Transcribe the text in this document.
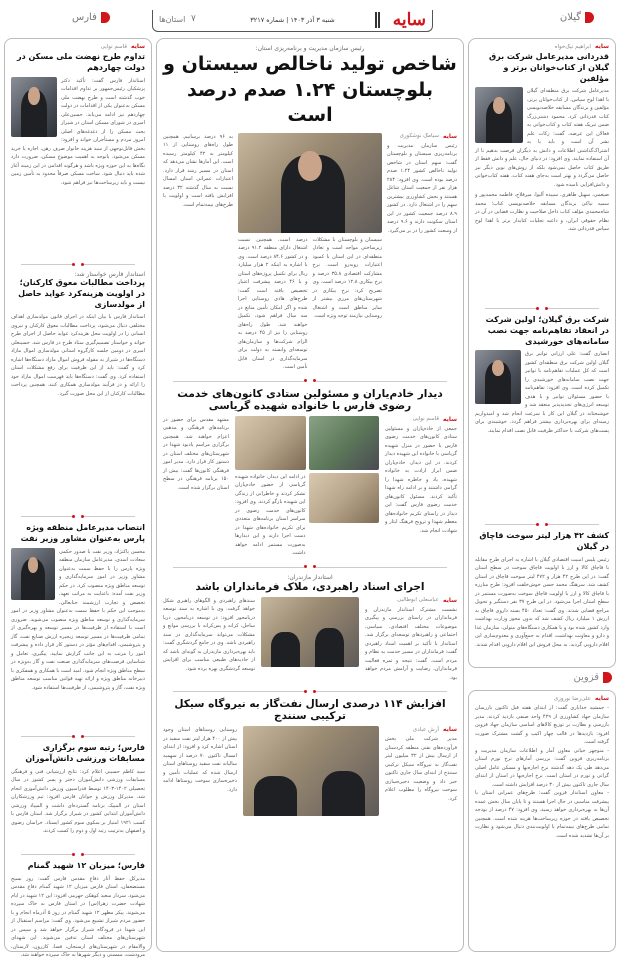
گیلان
سایه
شنبه ۳ آذر ۱۴۰۳ | شماره ۳۲۱۷
۷
استان‌ها
فارس
سایه
ابراهیم نیک‌خواه
قدردانی مدیرعامل شرکت برق گیلان از کتاب‌خوانان برتر و مؤلفین
مدیرعامل شرکت برق منطقه‌ای گیلان با اهدا لوح سپاس، از کتاب‌خوانان برتر، مؤلفین و برندگان مسابقه خلاصه‌نویسی کتاب قدردانی کرد. محمود دشتی‌زرگ ضمن تبریک هفته کتاب و کتاب‌خوانی به فعالان این عرصه، گفت: زکات علم نشر آن است و باید با به اشتراک‌گذاشتن اطلاعات و دانش به دیگران فرصت بدهیم تا از آن استفاده نمایند. وی افزود: در دنیای حال، علم و دانش فقط از طریق کتاب حاصل نمی‌شود بلکه از روش‌های نوین دیگر نیز حاصل می‌گردد و بهتر است به‌جای هفته کتاب، هفته کتاب‌خوانی و دانش‌افزایی نامیده شود.
ضیغمی، سهیل طاهری، سپیده آلیوا، میرفلاح، فاطمه محمدپور و سمیه نیاکی برندگان مسابقه خلاصه‌نویسی کتاب؛ محمد شاه‌محمدی مؤلف کتاب داخل صلاحیت و نظارت قضایی در آن در نظام حقوقی ایران، و داعیه تجلیات کتابدار برتر با اهدا لوح سپاس قدردانی شد.
شرکت برق گیلان؛ اولین شرکت در انعقاد تفاهم‌نامه جهت نصب سامانه‌های خورشیدی
انصاری گفت: علی ارزانی توانیر برق گیلان اولین شرکت برق منطقه‌ای کشور است که کل عملیات تفاهم‌نامه با توانیر جهت نصب سامانه‌های خورشیدی را تکمیل کرده است. وی افزود: تفاهم‌نامه با حضور مسئولان توانیر و با هدف توسعه انرژی‌های تجدیدپذیر منعقد شد و خوشبختانه در گیلان این کار با سرعت انجام شد و امیدواریم زمینه‌ای برای بهره‌برداری بیشتر فراهم گردد. خوشبندی برای پست‌های شرکت با حداکثر ظرفیت قابل نصب اقدام نمایند.
کشف ۴۲ هزار لیتر سوخت قاچاق در گیلان
رئیس پلیس امنیت اقتصادی گیلان با اشاره به اجرای طرح مقابله با قاچاق کالا و ارز با اولویت قاچاق سوخت در سطح استان گفت: در این طرح ۴۲ هزار و ۴۷۲ لیتر سوخت قاچاق در استان کشف شد. سرهنگ محمد حسن خوش‌خلقت افزود: طرح مبارزه با قاچاق کالا و ارز با اولویت قاچاق سوخت به‌صورت مستمر در سطح استان اجرا می‌شود. در این طرح ۳۷ نفر دستگیر و تحویل مراجع قضایی شدند. وی گفت: تعداد ۴۵۰ بسته داروی قاچاق به ارزش ۱ میلیارد ریال کشف شد که بدون مجوز وزارت بهداشت وارد کشور شده بود و با همکاری دستگاه‌های متولی، سازمان غذا و دارو و معاونت بهداشت، اقدام به جمع‌آوری و معدوم‌سازی این اقلام دارویی گردید. به محل فروش این اقلام دارویی اقدام شدند.
قزوین
سایه
علی‌رضا نوروزی
- جمشید خدایاری گفت: از ابتدای هفته قبل تاکنون بازرسان سازمان جهاد کشاورزی از ۴۲۹ واحد صنفی بازدید کردند. مدیر بازرسی و نظارت بر توزیع کالاهای اساسی سازمان جهاد قزوین افزود: بازدیدها در قالب چهار اکیپ و گشت مشترک صورت گرفته است.
- منوچهر حیاتی معاون آمار و اطلاعات سازمان مدیریت و برنامه‌ریزی قزوین گفت: بررسی آمارهای نرخ تورم استان می‌دهد طی یک دهه گذشته نرخ اجاره‌بها و مسکن عامل اصلی گرانی و تورم در استان است. نرخ اجاره‌بها در استان از ابتدای سال جاری تاکنون بیش از ۳۰ درصد افزایش داشته است.
- معاون استاندار قزوین گفت: طرح‌های عمرانی استان با پیشرفت مناسبی در حال اجرا هستند و تا پایان سال بخش عمده آن‌ها به بهره‌برداری خواهد رسید. وی افزود: ۴۷ درصد از بودجه تخصیص یافته در حوزه زیرساخت‌ها هزینه شده است. همچنین تمامی طرح‌های نیمه‌تمام با اولویت‌بندی دنبال می‌شود و نظارت بر آن‌ها تشدید شده است.
رئیس سازمان مدیریت و برنامه‌ریزی استان:
شاخص تولید ناخالص سیستان و بلوچستان ۱.۲۴ صدم درصد است
سایه
سیامک نوشکوری
رئیس سازمان مدیریت و برنامه‌ریزی سیستان و بلوچستان گفت: سهم استان در شاخص تولید ناخالص کشور ۱.۲۴ صدم درصد بوده است. وی افزود: ۲۸۴ هزار نفر از جمعیت استان شاغل هستند و بخش کشاورزی بیشترین سهم را در اشتغال دارد. در کشور ۸.۹ درصد جمعیت کشور در این استان سکونت دارند و ۹.۶ درصد از وسعت کشور را در بر می‌گیرد.
سیستان و بلوچستان با مشکلات زیرساختی مواجه است و تعادل منطقه‌ای در این استان با کمبود اعتبارات روبه‌رو است. نرخ مشارکت اقتصادی ۳۵.۸ درصد و نرخ بیکاری ۱۲.۸ درصد است. وی تصریح کرد: نرخ بیکاری در شهرستان‌های مرزی بیشتر از سایر مناطق است و اشتغال روستایی نیازمند توجه ویژه است.
درصد است. همچنین نسبت اشتغال دارای منطقه ۹۱.۲ درصد و در کشور ۸۴.۶ درصد است. وی با اشاره به اینکه ۲ هزار میلیارد ریال برای تکمیل پروژه‌های استان و با ۴۶ درصد پیشرفت اعتبار تخصیص یافته است گفت: طرح‌های هادی روستایی اجرا شده و اگر امکان تأمین منابع در سه سال فراهم شود، تکمیل خواهند شد. طول راه‌های روستایی را نیز از ۴۵ درصد به الزام شرکت‌ها و سازمان‌های توسعه‌ای وابسته به دولت برای سرمایه‌گذاری در استان قابل تأمین است.
به ۹۶ درصد برسانیم. همچنین طول راه‌های روستایی از ۱۱ کیلومتر به ۴۲ کیلومتر رسیده است. این آمارها نشان می‌دهد که استان در مسیر رشد قرار دارد. اعتبارات عمرانی استان امسال نسبت به سال گذشته ۳۲ درصد افزایش یافته است و اولویت با طرح‌های نیمه‌تمام است.
دیدار خادم‌یاران و مسئولین ستادی کانون‌های خدمت رضوی فارس با خانواده شهیده گریاسی
سایه
قاسم نوایی
جمعی از خادم‌یاران و مسئولین ستادی کانون‌های خدمت رضوی فارس با حضور در منزل شهیده گریاسی با خانواده این شهیده دیدار کردند. در این دیدار، خادم‌یاران ضمن ابراز ارادت به خانواده شهیده، یاد و خاطره شهدا را گرامی داشتند و بر ادامه راه شهدا تأکید کردند. مسئول کانون‌های خدمت رضوی فارس گفت: این دیدار در راستای تکریم خانواده‌های معظم شهدا و ترویج فرهنگ ایثار و شهادت انجام شد.
در ادامه این دیدار، خانواده شهیده گریاسی از حضور خادم‌یاران تشکر کردند و خاطراتی از زندگی این شهیده بازگو کردند. وی افزود: کانون‌های خدمت رضوی در سراسر استان برنامه‌های متعددی برای تکریم خانواده‌های شهدا در دست اجرا دارند و این دیدارها به‌صورت مستمر ادامه خواهد داشت.
مشهد مقدس برای حضور در برنامه‌های فرهنگی و مذهبی اعزام خواهند شد. همچنین برگزاری مراسم یادبود شهدا در شهرستان‌های مختلف استان در دستور کار قرار دارد. مدیر امور فرهنگی کانون‌ها گفت: بیش از ۱۵۰ برنامه فرهنگی در سطح استان برگزار شده است.
استاندار مازندران:
اجرای اسناد راهبردی، ملاک فرمانداران باشد
سایه
عباسعلی ابوطالبی
نشست مشترک استاندار مازندران و فرمانداران در راستای بررسی و پیگیری موضوعات مختلف اقتصادی، سیاسی، اجتماعی و راهبردهای توسعه‌ای برگزار شد. استاندار با تأکید بر اهمیت اسناد راهبردی گفت: فرمانداران در مسیر خدمت به نظام و مردم است. گفت: نتیجه و ثمره فعالیت فرمانداران، رضایت و آرامش مردم خواهد بود.
سندهای راهبردی و الگوهای راهبری شکل خواهد گرفت. وی با اشاره به سند توسعه دریامحور افزود: در توسعه دریامحور، دریا ساحل، کرانه و پس‌کرانه با بررسی موانع و مشکلات می‌تواند سرمایه‌گذاری در سند راهبردی باشد. وی در جامع گردشگری گفت: باید بهره‌برداری مازندران به گونه‌ای باشد که از جاذبه‌های طبیعی مناسب برای افزایش توسعه گردشگری بهره برده شود.
افزایش ۱۱۴ درصدی ارسال نفت‌گاز به نیروگاه سیکل ترکیبی سنندج
سایه
آرش عبادی
مدیر شرکت ملی پخش فرآورده‌های نفتی منطقه کردستان از ارسال بیش از ۳۲ میلیون لیتر نفت‌گاز به نیروگاه سیکل ترکیبی سنندج از ابتدای سال جاری تاکنون خبر داد و وضعیت ذخیره‌سازی سوخت نیروگاه را مطلوب اعلام کرد.
روستایی روستاهای استان وجود بیش از ۴۰۰ هزار لیتر نفت سفید در استان اشاره کرد و افزود: از ابتدای امسال تاکنون ۷۰ درصد از سهمیه سالیانه نفت سفید روستاهای استان ارسال شده که عملیات تأمین و ذخیره‌سازی سوخت روستاها ادامه دارد.
سایه
قاسم نوایی
تداوم طرح نهضت ملی مسکن در دولت چهاردهم
استاندار فارس گفت: تأکید دکتر پزشکیان رئیس‌جمهور بر تداوم اقدامات خوب گذشته است و طرح نهضت ملی مسکن به‌عنوان یکی از اقدامات در دولت چهاردهم نیز ادامه می‌یابد. حسین‌علی امیری در شورای مسکن استان در شیراز بحث مسکن را از دغدغه‌های اصلی امروز مردم و مستأجران خواند و افزود: بخش قابل‌توجهی از سبد هزینه خانوار صرف رهن، اجاره یا خرید مسکن می‌شود. باتوجه به اهمیت موضوع مسکن، ضرورت دارد نگاه‌ها به این حوزه ویژه باشد و هرگونه اقدامی در این زمینه آغاز شده باید دنبال شود. ساخت مسکن صرفاً محدود به تأمین زمین نیست و باید زیرساخت‌ها نیز فراهم شود.
استاندار فارس خواستار شد:
پرداخت مطالبات معوق کارکنان؛ در اولویت هزینه‌کرد عواید حاصل از مولدسازی
استاندار فارس با بیان اینکه در اجرای قانون مولدسازی اهداف مختلفی دنبال می‌شود، پرداخت مطالبات معوق کارکنان و نیروی انسانی را در اولویت محل هزینه‌کرد عواید حاصل از اجرای طرح خواند و خواستار تصمیم‌گیری ستاد طرح در فارس شد. حسینعلی امیری در دومین جلسه کارگروه استانی مولدسازی اموال مازاد دستگاه‌ها در شیراز به مقوله فروش اموال مازاد دستگاه‌ها اشاره کرد و گفت: باید از این ظرفیت برای رفع مشکلات استان استفاده کرد. وی گفت: دستگاه‌ها باید فهرست اموال مازاد خود را ارائه و در فرآیند مولدسازی همکاری کنند. همچنین پرداخت مطالبات کارکنان از این محل صورت گیرد.
انتصاب مدیرعامل منطقه ویژه پارس به‌عنوان مشاور وزیر نفت
محسن پاکنژاد، وزیر نفت با صدور حکمی سعادت اسدی، مدیرعامل سازمان منطقه ویژه پارس را با حفظ سمت به‌عنوان مشاور وزیر در امور سرمایه‌گذاری و توسعه مناطق ویژه منصوب کرد. در حکم وزیر نفت آمده: باعنایت به مراتب تعهد، تخصص و تجارب ارزشمند جنابعالی، به‌موجب این حکم با حفظ سمت به‌عنوان مشاور وزیر در امور سرمایه‌گذاری و توسعه مناطق ویژه منصوب می‌شوید. ضروری است با استفاده از ظرفیت‌ها در مسیر توسعه و بهره‌گیری از تمامی ظرفیت‌ها در مسیر توسعه زنجیره ارزش صنایع نفت، گاز و پتروشیمی، اقدام‌های مؤثر در دستور کار قرار داده و پیشرفت امور را مرتب به این جانب گزارش نمایید. پیگیری، تعامل و شناسایی فرصت‌های سرمایه‌گذاری صنعت نفت و گاز به‌ویژه در سطح مناطق ویژه انجام شود. امید است با همکاری و همفکری با دبیرخانه مناطق ویژه و ارائه تهیه قوانین مناسب توسعه مناطق ویژه نفت، گاز و پتروشیمی، از ظرفیت‌ها استفاده شود.
فارس؛ رتبه سوم برگزاری مسابقات ورزشی دانش‌آموزان
سید کاظم حسینی اعلام کرد: نتایج ارزشیابی فنی و فرهنگی مسابقات ورزشی دانش‌آموزان دختر و پسر کشور در سال تحصیلی ۱۴۰۲-۱۴۰۳ توسط فدراسیون ورزش دانش‌آموزی انجام شد. مدیرکل ورزش و جوانان فارس افزود: تیم ورزشکاران استان در المپیک برنامه گسترده‌ای داشت و المپیاد ورزشی دانش‌آموزان ابتدایی کشور در شیراز برگزار شد. استان فارس با کسب ۱۹۲۱ امتیاز بر سکوی سوم کشور ایستاد. خراسان رضوی و اصفهان به‌ترتیب رتبه اول و دوم را کسب کردند.
فارس؛ میزبان ۱۲ شهید گمنام
مدیرکل حفظ آثار دفاع مقدس فارس گفت: روز بسیج مستضعفان، استان فارس میزبان ۱۲ شهید گمنام دفاع مقدس می‌شود. سردار سعید کوهکن جهرمی افزود: این ۱۲ شهید در ایام شهادت حضرت زهرا(س) در استان فارس به خاک سپرده می‌شوند. پیکر مطهر ۱۲ شهید گمنام در روز ۵ آذرماه انجام و با حضور مردم شیراز تشییع می‌شود. وی گفت: مراسم استقبال از این شهدا در فرودگاه شیراز برگزار خواهد شد و سپس در شهرستان‌های مختلف استان تدفین می‌شوند. این شهدای والامقام در شهرستان‌های ارسنجان، فسا، کازرون، لارستان، مرودشت، ممسنی و دیگر شهرها به خاک سپرده خواهند شد.
